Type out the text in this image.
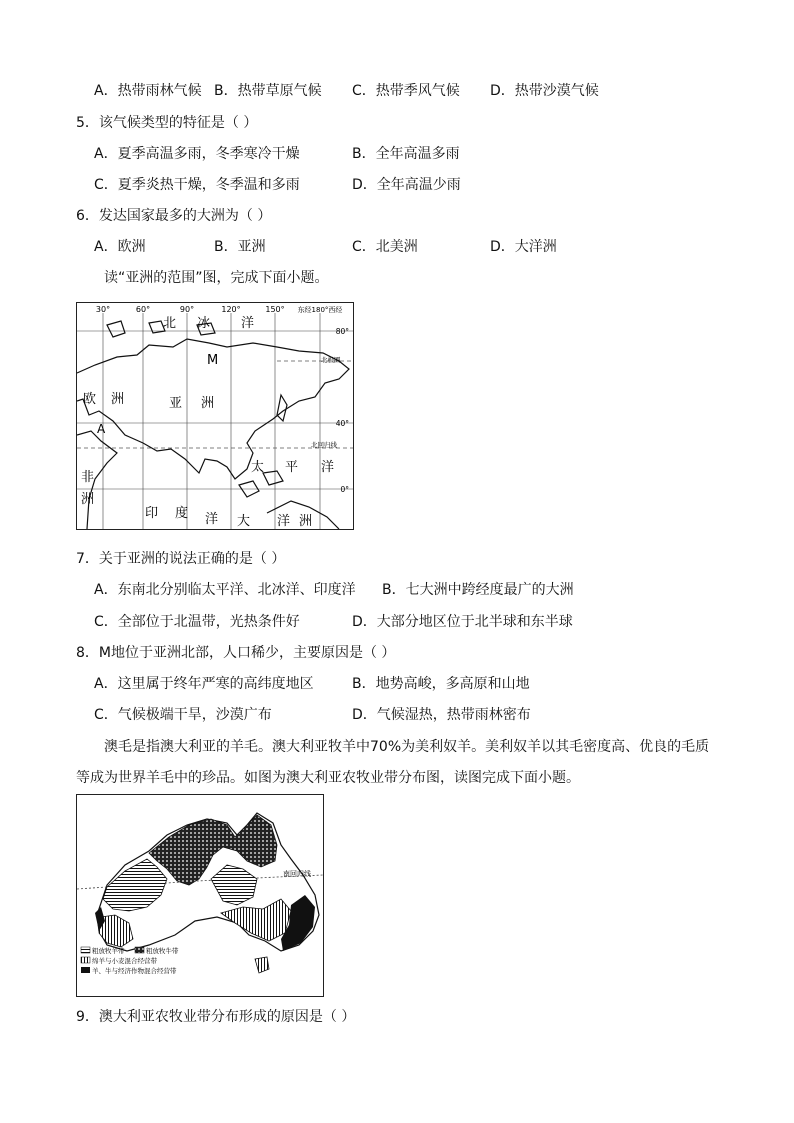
A．热带雨林气候 B．热带草原气候 C．热带季风气候 D．热带沙漠气候
5．该气候类型的特征是（ ）
A．夏季高温多雨，冬季寒冷干燥	B．全年高温多雨
C．夏季炎热干燥，冬季温和多雨	D．全年高温少雨
6．发达国家最多的大洲为（ ）
A．欧洲	B．亚洲	C．北美洲	D．大洋洲
读“亚洲的范围”图，完成下面小题。
30°	60°	90°	120°	150° 东经180°西经
80°
40°
0°
北 冰 洋
M	北极圈
欧 洲	亚 洲
A
北回归线
太 平 洋
非
洲
印 度 洋 大 洋 洲
7．关于亚洲的说法正确的是（ ）
A．东南北分别临太平洋、北冰洋、印度洋 B．七大洲中跨经度最广的大洲
C．全部位于北温带，光热条件好	D．大部分地区位于北半球和东半球
8．M地位于亚洲北部，人口稀少，主要原因是（ ）
A．这里属于终年严寒的高纬度地区	B．地势高峻，多高原和山地
C．气候极端干旱，沙漠广布	D．气候湿热，热带雨林密布
澳毛是指澳大利亚的羊毛。澳大利亚牧羊中70%为美利奴羊。美利奴羊以其毛密度高、优良的毛质等成为世界羊毛中的珍品。如图为澳大利亚农牧业带分布图，读图完成下面小题。
南回归线
粗放牧羊带	粗放牧牛带
绵羊与小麦混合经营带
羊、牛与经济作物混合经营带
9．澳大利亚农牧业带分布形成的原因是（ ）
